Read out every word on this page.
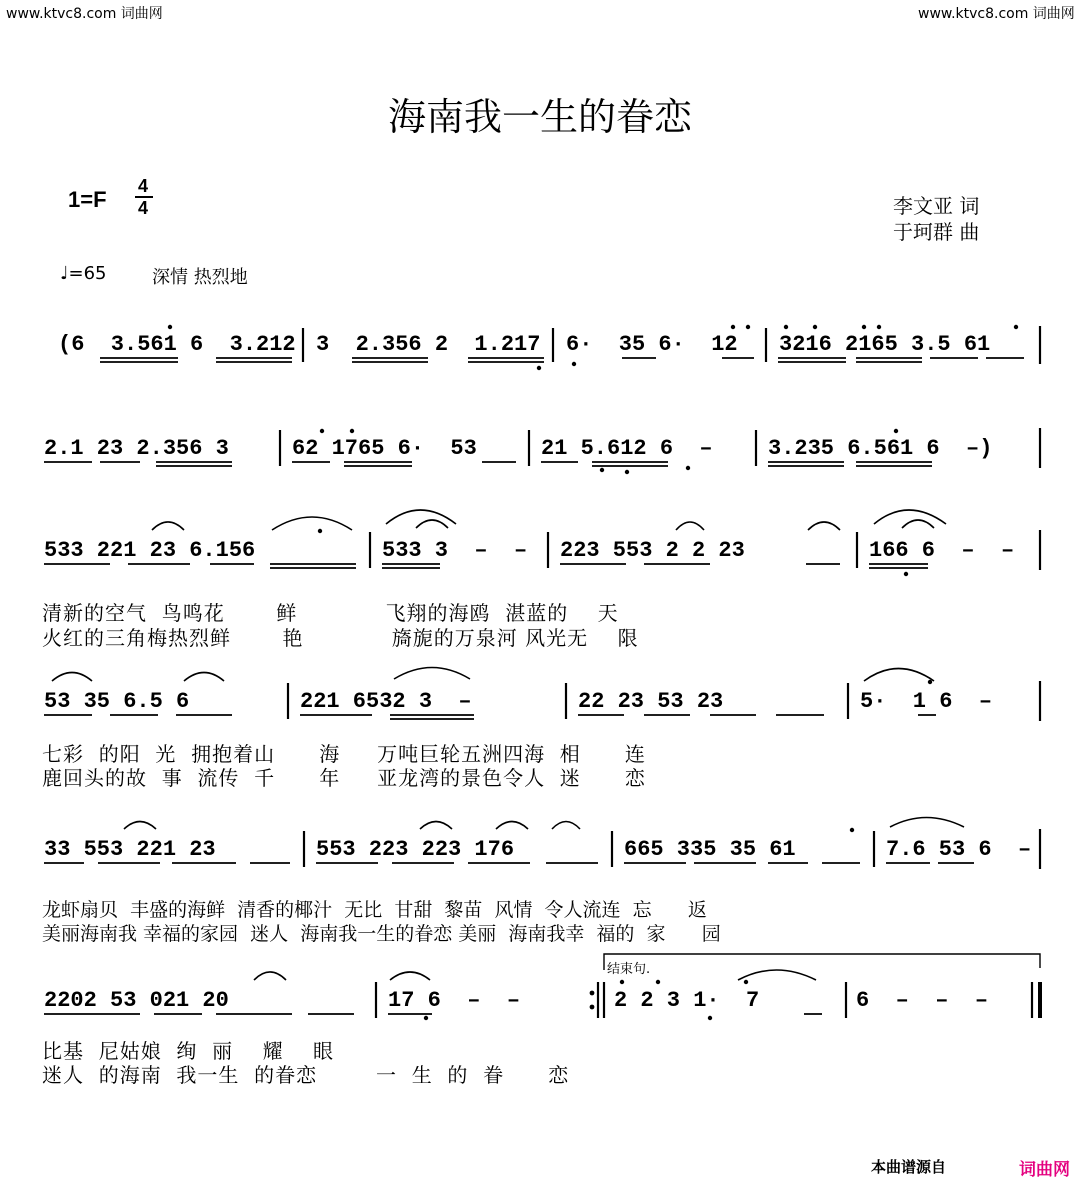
www.ktvc8.com 词曲网	www.ktvc8.com 词曲网
海南我一生的眷恋
1=F
4
4	李文亚 词
于珂群 曲
♩=65	深情 热烈地
(6  3.561 6  3.212 3  2.356 2  1.217 6·  35 6·  12 3216 2165 3.5 61
2.1 23 2.356 3	62 1765 6·  53	21 5.612 6  –	3.235 6.561 6  –)
533 221 23 6.156	533 3  –  – 223 553 2 2 23	166 6  –  –
清新的空气  鸟鸣花       鲜            飞翔的海鸥  湛蓝的    天
火红的三角梅热烈鲜       艳            旖旎的万泉河 风光无    限
53 35 6.5 6	221 6532 3  –	22 23 53 23	5·  1 6  –
七彩  的阳  光  拥抱着山      海     万吨巨轮五洲四海  相      连
鹿回头的故  事  流传  千      年     亚龙湾的景色令人  迷      恋
33 553 221 23	553 223 223 176	665 335 35 61	7.6 53 6  –
龙虾扇贝  丰盛的海鲜  清香的椰汁  无比  甘甜  黎苗  风情  令人流连  忘      返
美丽海南我 幸福的家园  迷人  海南我一生的眷恋 美丽  海南我幸  福的  家      园
结束句.
2202 53 021 20	17 6  –  –	2 2 3 1·  7	6  –  –  –
比基  尼姑娘  绚  丽    耀    眼
迷人  的海南  我一生  的眷恋        一  生  的  眷      恋
本曲谱源自	词曲网
